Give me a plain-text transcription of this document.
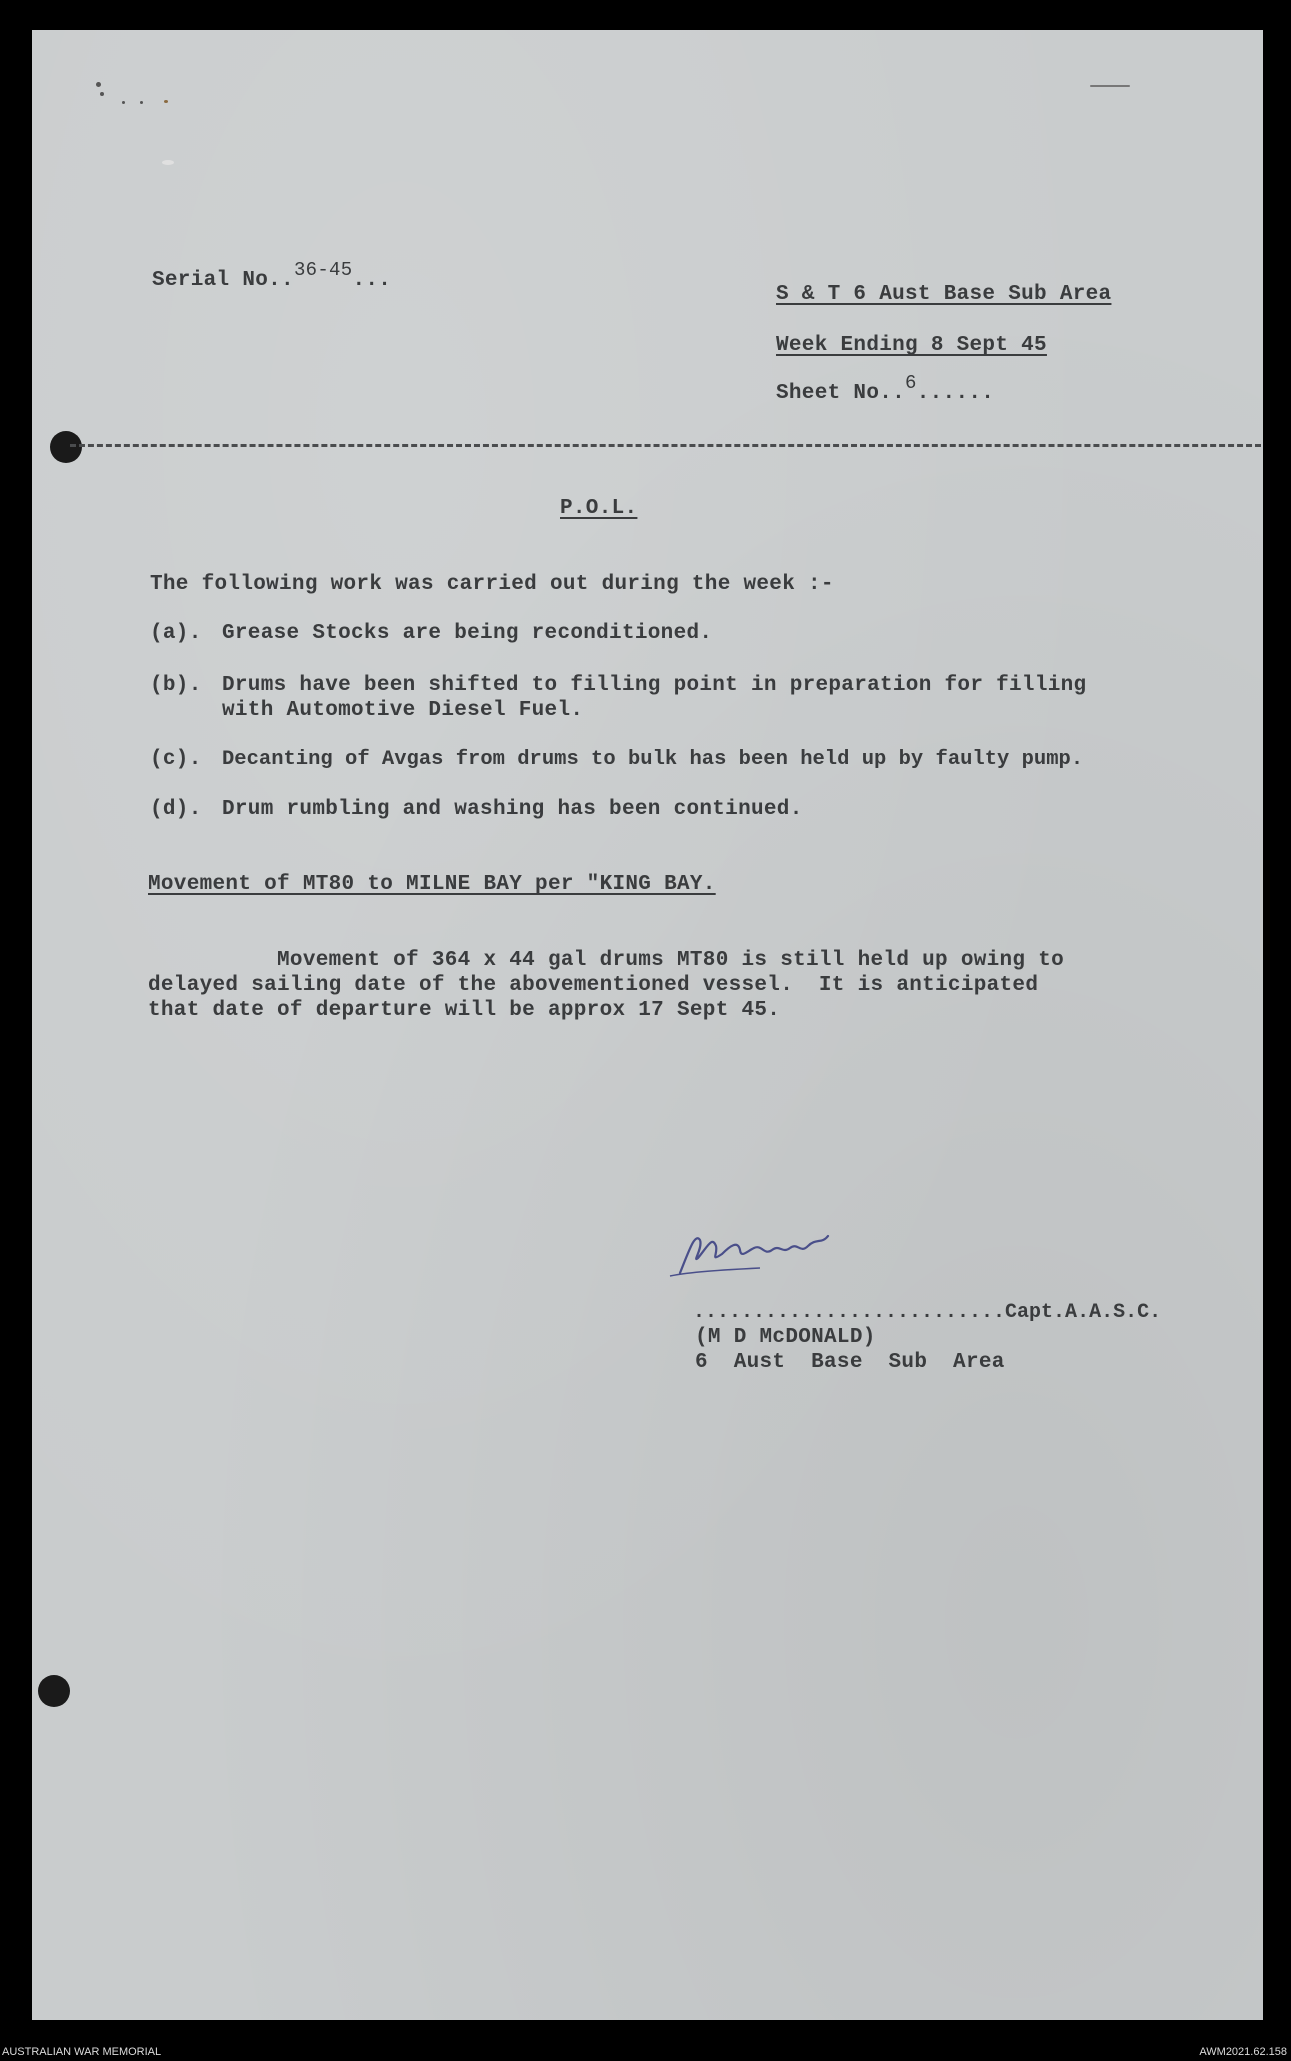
Serial No..36-45...
S & T 6 Aust Base Sub Area
Week Ending 8 Sept 45
Sheet No..6......
P.O.L.
The following work was carried out during the week :-
(a). Grease Stocks are being reconditioned.
(b). Drums have been shifted to filling point in preparation for filling
with Automotive Diesel Fuel.
(c). Decanting of Avgas from drums to bulk has been held up by faulty pump.
(d). Drum rumbling and washing has been continued.
Movement of MT80 to MILNE BAY per "KING BAY.
Movement of 364 x 44 gal drums MT80 is still held up owing to
delayed sailing date of the abovementioned vessel.  It is anticipated
that date of departure will be approx 17 Sept 45.
..........................Capt.A.A.S.C.
(M D McDONALD)
6  Aust  Base  Sub  Area
AUSTRALIAN WAR MEMORIAL	AWM2021.62.158
